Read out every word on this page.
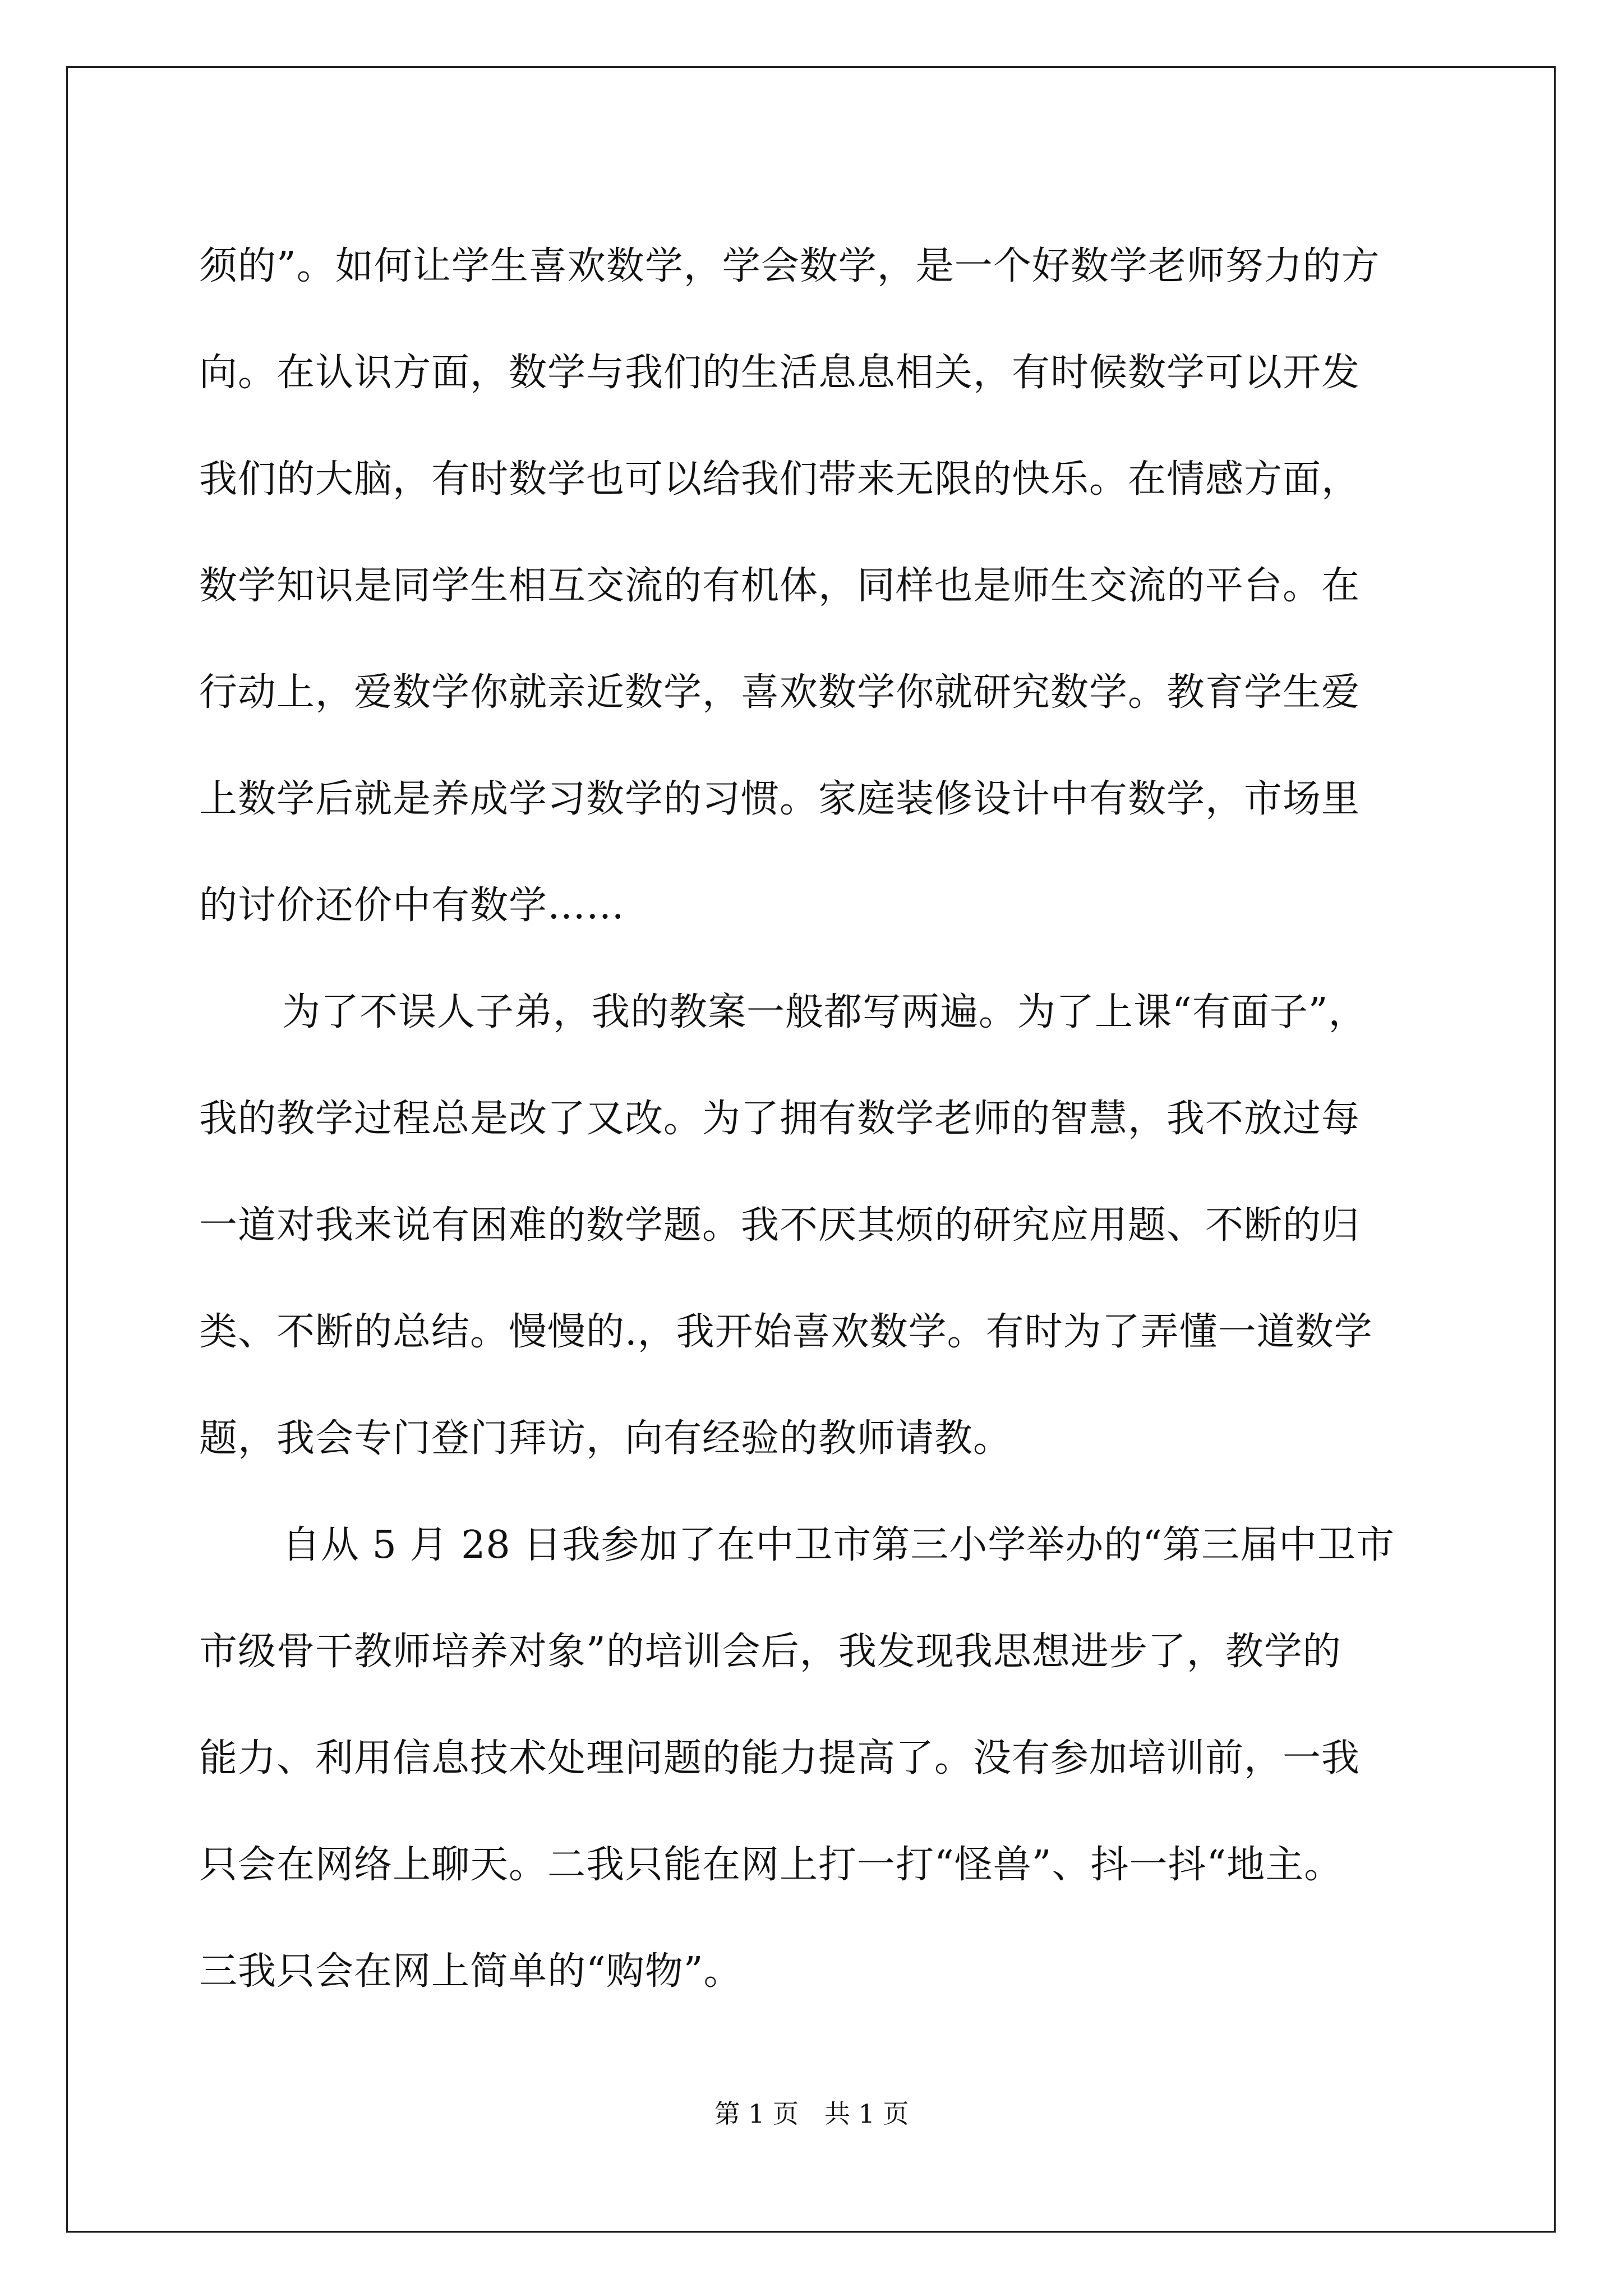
须的”。如何让学生喜欢数学，学会数学，是一个好数学老师努力的方
向。在认识方面，数学与我们的生活息息相关，有时候数学可以开发
我们的大脑，有时数学也可以给我们带来无限的快乐。在情感方面，
数学知识是同学生相互交流的有机体，同样也是师生交流的平台。在
行动上，爱数学你就亲近数学，喜欢数学你就研究数学。教育学生爱
上数学后就是养成学习数学的习惯。家庭装修设计中有数学，市场里
的讨价还价中有数学……
为了不误人子弟，我的教案一般都写两遍。为了上课“有面子”，
我的教学过程总是改了又改。为了拥有数学老师的智慧，我不放过每
一道对我来说有困难的数学题。我不厌其烦的研究应用题、不断的归
类、不断的总结。慢慢的.，我开始喜欢数学。有时为了弄懂一道数学
题，我会专门登门拜访，向有经验的教师请教。
自从 5 月 28 日我参加了在中卫市第三小学举办的“第三届中卫市
市级骨干教师培养对象”的培训会后，我发现我思想进步了，教学的
能力、利用信息技术处理问题的能力提高了。没有参加培训前，一我
只会在网络上聊天。二我只能在网上打一打“怪兽”、抖一抖“地主。
三我只会在网上简单的“购物”。
第 1 页　共 1 页
